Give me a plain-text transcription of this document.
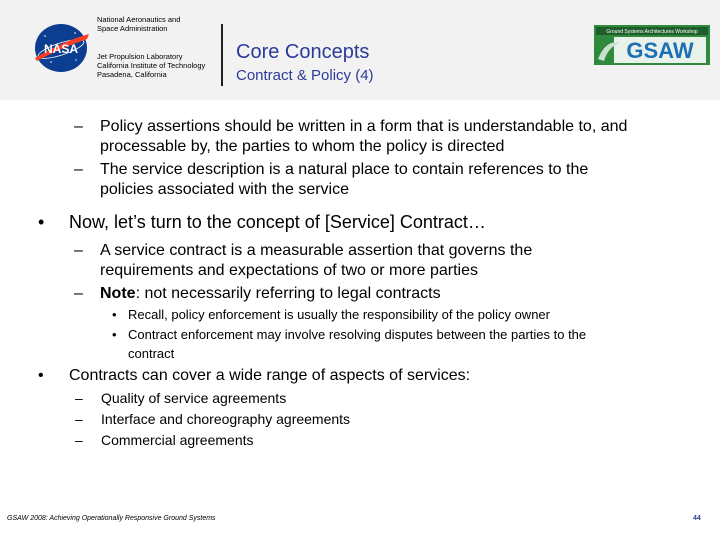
NASA
National Aeronautics and
Space Administration
Jet Propulsion Laboratory
California Institute of Technology
Pasadena, California
Core Concepts
Contract & Policy (4)
Ground Systems Architectures Workshop
GSAW
– Policy assertions should be written in a form that is understandable to, and
processable by, the parties to whom the policy is directed
– The service description is a natural place to contain references to the
policies associated with the service
• Now, let’s turn to the concept of [Service] Contract…
– A service contract is a measurable assertion that governs the
requirements and expectations of two or more parties
– Note: not necessarily referring to legal contracts
• Recall, policy enforcement is usually the responsibility of the policy owner
• Contract enforcement may involve resolving disputes between the parties to the
contract
• Contracts can cover a wide range of aspects of services:
– Quality of service agreements
– Interface and choreography agreements
– Commercial agreements
GSAW 2008: Achieving Operationally Responsive Ground Systems	44
